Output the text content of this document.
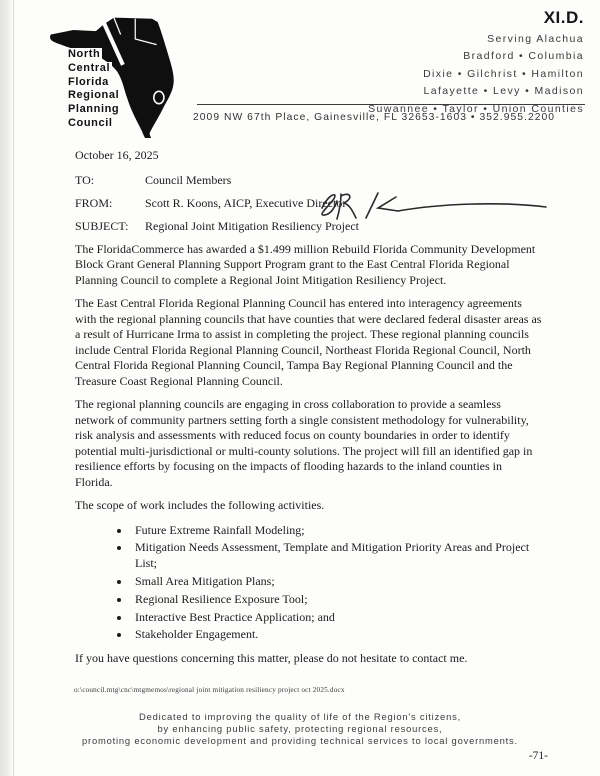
North
Central
Florida
Regional
Planning
Council
XI.D.
Serving Alachua
Bradford • Columbia
Dixie • Gilchrist • Hamilton
Lafayette • Levy • Madison
Suwannee • Taylor • Union Counties
2009 NW 67th Place, Gainesville, FL 32653-1603 • 352.955.2200
October 16, 2025
TO:	Council Members
FROM:	Scott R. Koons, AICP, Executive Director
SUBJECT:	Regional Joint Mitigation Resiliency Project

The FloridaCommerce has awarded a $1.499 million Rebuild Florida Community Development Block Grant General Planning Support Program grant to the East Central Florida Regional Planning Council to complete a Regional Joint Mitigation Resiliency Project.

The East Central Florida Regional Planning Council has entered into interagency agreements with the regional planning councils that have counties that were declared federal disaster areas as a result of Hurricane Irma to assist in completing the project. These regional planning councils include Central Florida Regional Planning Council, Northeast Florida Regional Council, North Central Florida Regional Planning Council, Tampa Bay Regional Planning Council and the Treasure Coast Regional Planning Council.

The regional planning councils are engaging in cross collaboration to provide a seamless network of community partners setting forth a single consistent methodology for vulnerability, risk analysis and assessments with reduced focus on county boundaries in order to identify potential multi-jurisdictional or multi-county solutions. The project will fill an identified gap in resilience efforts by focusing on the impacts of flooding hazards to the inland counties in Florida.

The scope of work includes the following activities.

• Future Extreme Rainfall Modeling;
• Mitigation Needs Assessment, Template and Mitigation Priority Areas and Project List;
• Small Area Mitigation Plans;
• Regional Resilience Exposure Tool;
• Interactive Best Practice Application; and
• Stakeholder Engagement.

If you have questions concerning this matter, please do not hesitate to contact me.

o:\council.mtg\cnc\mtgmemos\regional joint mitigation resiliency project oct 2025.docx
Dedicated to improving the quality of life of the Region's citizens,
by enhancing public safety, protecting regional resources,
promoting economic development and providing technical services to local governments.
-71-
